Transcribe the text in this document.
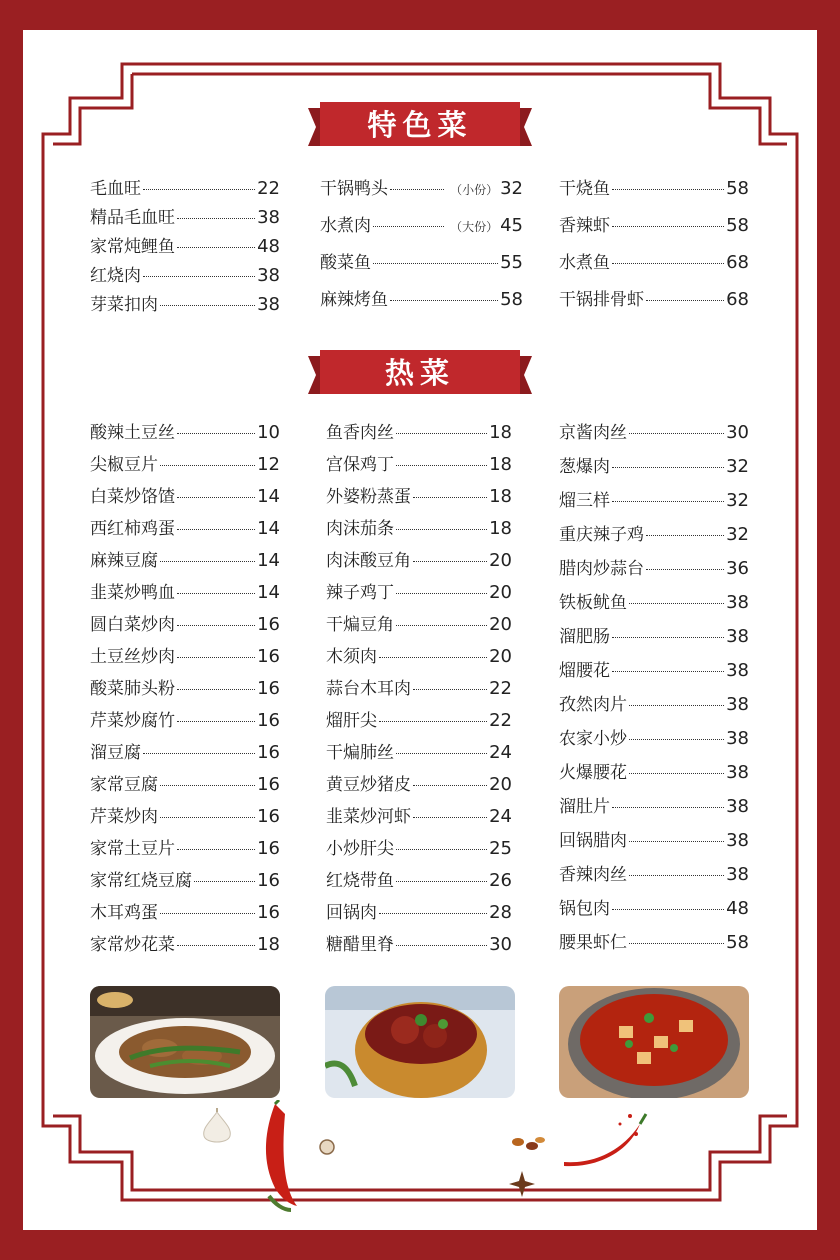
特色菜
热菜
毛血旺	22
精品毛血旺	38
家常炖鲤鱼	48
红烧肉	38
芽菜扣肉	38
干锅鸭头	（小份） 32
水煮肉	（大份） 45
酸菜鱼	55
麻辣烤鱼	58
干烧鱼	58
香辣虾	58
水煮鱼	68
干锅排骨虾	68
酸辣土豆丝	10
尖椒豆片	12
白菜炒饹馇	14
西红柿鸡蛋	14
麻辣豆腐	14
韭菜炒鸭血	14
圆白菜炒肉	16
土豆丝炒肉	16
酸菜肺头粉	16
芹菜炒腐竹	16
溜豆腐	16
家常豆腐	16
芹菜炒肉	16
家常土豆片	16
家常红烧豆腐	16
木耳鸡蛋	16
家常炒花菜	18
鱼香肉丝	18
宫保鸡丁	18
外婆粉蒸蛋	18
肉沫茄条	18
肉沫酸豆角	20
辣子鸡丁	20
干煸豆角	20
木须肉	20
蒜台木耳肉	22
熘肝尖	22
干煸肺丝	24
黄豆炒猪皮	20
韭菜炒河虾	24
小炒肝尖	25
红烧带鱼	26
回锅肉	28
糖醋里脊	30
京酱肉丝	30
葱爆肉	32
熘三样	32
重庆辣子鸡	32
腊肉炒蒜台	36
铁板鱿鱼	38
溜肥肠	38
熘腰花	38
孜然肉片	38
农家小炒	38
火爆腰花	38
溜肚片	38
回锅腊肉	38
香辣肉丝	38
锅包肉	48
腰果虾仁	58
